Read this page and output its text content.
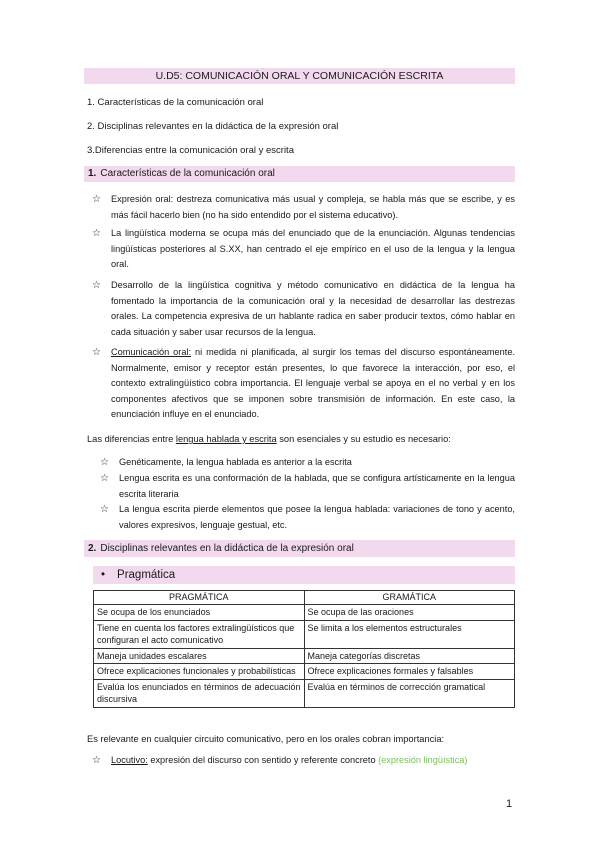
U.D5: COMUNICACIÓN ORAL Y COMUNICACIÓN ESCRITA
1. Características de la comunicación oral
2. Disciplinas relevantes en la didáctica de la expresión oral
3.Diferencias entre la comunicación oral y escrita
1. Características de la comunicación oral
☆ Expresión oral: destreza comunicativa más usual y compleja, se habla más que se escribe, y es más fácil hacerlo bien (no ha sido entendido por el sistema educativo).
☆ La lingüística moderna se ocupa más del enunciado que de la enunciación. Algunas tendencias lingüísticas posteriores al S.XX, han centrado el eje empírico en el uso de la lengua y la lengua oral.
☆ Desarrollo de la lingüística cognitiva y método comunicativo en didáctica de la lengua ha fomentado la importancia de la comunicación oral y la necesidad de desarrollar las destrezas orales. La competencia expresiva de un hablante radica en saber producir textos, cómo hablar en cada situación y saber usar recursos de la lengua.
☆ Comunicación oral: ni medida ni planificada, al surgir los temas del discurso espontáneamente. Normalmente, emisor y receptor están presentes, lo que favorece la interacción, por eso, el contexto extralingüístico cobra importancia. El lenguaje verbal se apoya en el no verbal y en los componentes afectivos que se imponen sobre transmisión de información. En este caso, la enunciación influye en el enunciado.
Las diferencias entre lengua hablada y escrita son esenciales y su estudio es necesario:
☆ Genéticamente, la lengua hablada es anterior a la escrita
☆ Lengua escrita es una conformación de la hablada, que se configura artísticamente en la lengua escrita literaria
☆ La lengua escrita pierde elementos que posee la lengua hablada: variaciones de tono y acento, valores expresivos, lenguaje gestual, etc.
2. Disciplinas relevantes en la didáctica de la expresión oral
• Pragmática
PRAGMÁTICA	GRAMÁTICA
Se ocupa de los enunciados	Se ocupa de las oraciones
Tiene en cuenta los factores extralingüísticos que configuran el acto comunicativo	Se limita a los elementos estructurales
Maneja unidades escalares	Maneja categorías discretas
Ofrece explicaciones funcionales y probabilísticas	Ofrece explicaciones formales y falsables
Evalúa los enunciados en términos de adecuación discursiva	Evalúa en términos de corrección gramatical
Es relevante en cualquier circuito comunicativo, pero en los orales cobran importancia:
☆ Locutivo: expresión del discurso con sentido y referente concreto (expresión lingüística)
1
